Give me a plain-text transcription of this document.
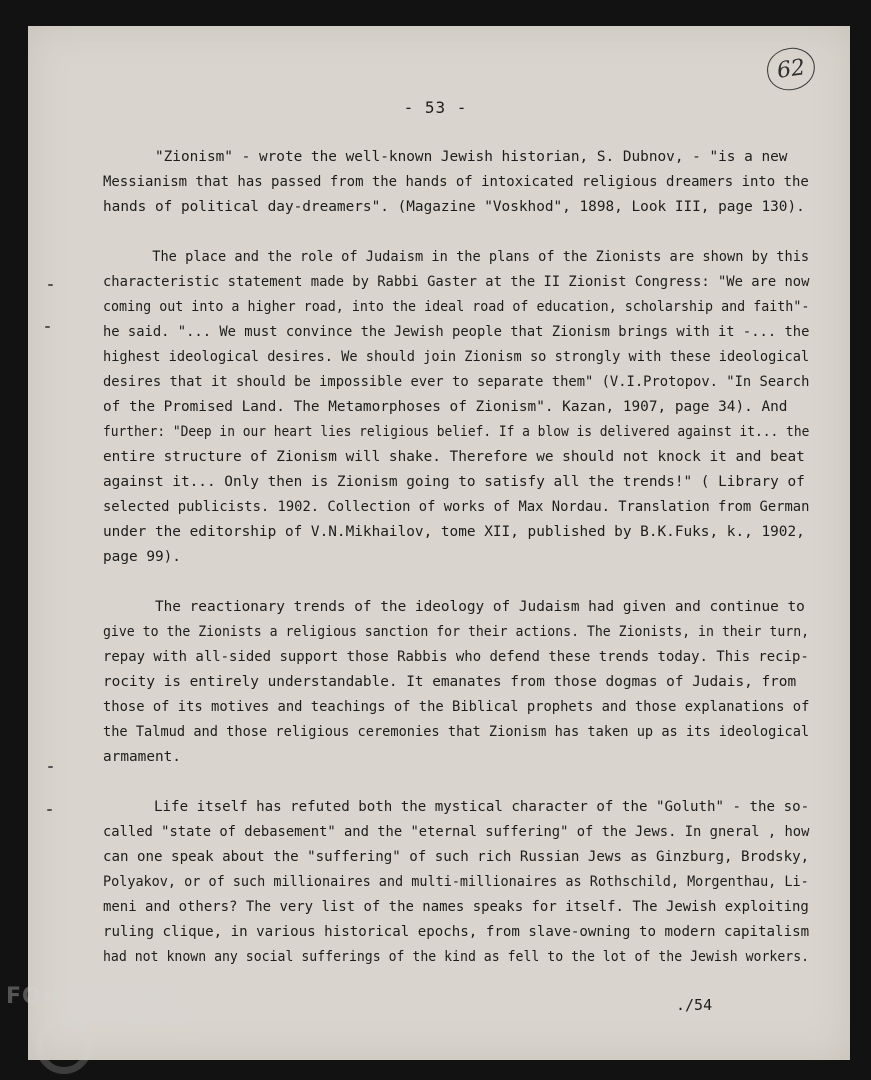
62
- 53 -

"Zionism" - wrote the well-known Jewish historian, S. Dubnov, - "is a new
Messianism that has passed from the hands of intoxicated religious dreamers into the
hands of political day-dreamers". (Magazine "Voskhod", 1898, Look III, page 130).

The place and the role of Judaism in the plans of the Zionists are shown by this
characteristic statement made by Rabbi Gaster at the II Zionist Congress: "We are now
coming out into a higher road, into the ideal road of education, scholarship and faith"-
he said. "... We must convince the Jewish people that Zionism brings with it -... the
highest ideological desires. We should join Zionism so strongly with these ideological
desires that it should be impossible ever to separate them" (V.I.Protopov. "In Search
of the Promised Land. The Metamorphoses of Zionism". Kazan, 1907, page 34). And
further: "Deep in our heart lies religious belief. If a blow is delivered against it... the
entire structure of Zionism will shake. Therefore we should not knock it and beat
against it... Only then is Zionism going to satisfy all the trends!" ( Library of
selected publicists. 1902. Collection of works of Max Nordau. Translation from German
under the editorship of V.N.Mikhailov, tome XII, published by B.K.Fuks, k., 1902,
page 99).

The reactionary trends of the ideology of Judaism had given and continue to
give to the Zionists a religious sanction for their actions. The Zionists, in their turn,
repay with all-sided support those Rabbis who defend these trends today. This recip-
rocity is entirely understandable. It emanates from those dogmas of Judais, from
those of its motives and teachings of the Biblical prophets and those explanations of
the Talmud and those religious ceremonies that Zionism has taken up as its ideological
armament.

Life itself has refuted both the mystical character of the "Goluth" - the so-
called "state of debasement" and the "eternal suffering" of the Jews. In gneral , how
can one speak about the "suffering" of such rich Russian Jews as Ginzburg, Brodsky,
Polyakov, or of such millionaires and multi-millionaires as Rothschild, Morgenthau, Li-
meni and others? The very list of the names speaks for itself. The Jewish exploiting
ruling clique, in various historical epochs, from slave-owning to modern capitalism
had not known any social sufferings of the kind as fell to the lot of the Jewish workers.

./54
FONDAZIONE
GRAMSCI
onlus
